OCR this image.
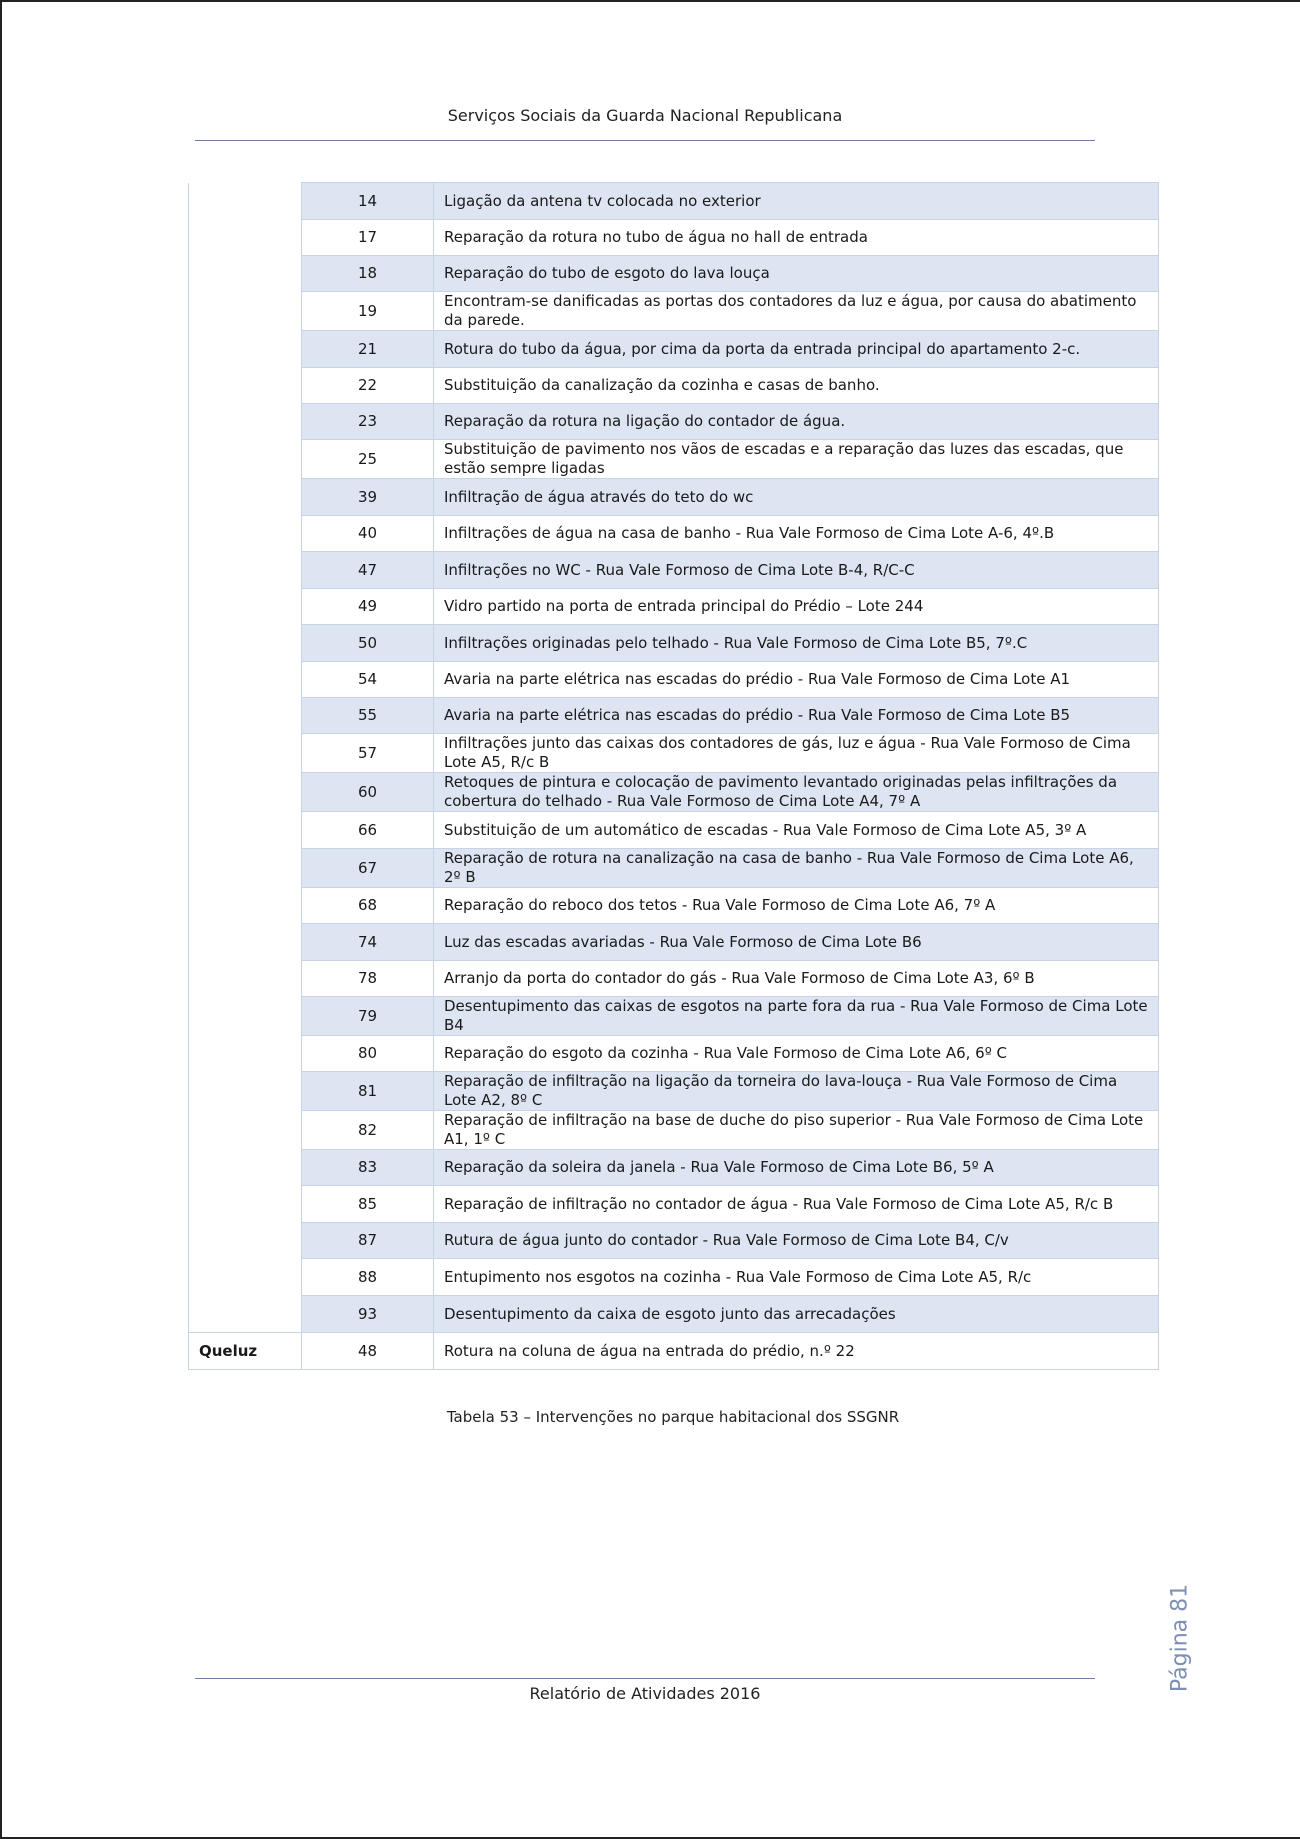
Serviços Sociais da Guarda Nacional Republicana
	14	Ligação da antena tv colocada no exterior
	17	Reparação da rotura no tubo de água no hall de entrada
	18	Reparação do tubo de esgoto do lava louça
	19	Encontram-se danificadas as portas dos contadores da luz e água, por causa do abatimento da parede.
	21	Rotura do tubo da água, por cima da porta da entrada principal do apartamento 2-c.
	22	Substituição da canalização da cozinha e casas de banho.
	23	Reparação da rotura na ligação do contador de água.
	25	Substituição de pavimento nos vãos de escadas e a reparação das luzes das escadas, que estão sempre ligadas
	39	Infiltração de água através do teto do wc
	40	Infiltrações de água na casa de banho - Rua Vale Formoso de Cima Lote A-6, 4º.B
	47	Infiltrações no WC - Rua Vale Formoso de Cima Lote B-4, R/C-C
	49	Vidro partido na porta de entrada principal do Prédio – Lote 244
	50	Infiltrações originadas pelo telhado - Rua Vale Formoso de Cima Lote B5, 7º.C
	54	Avaria na parte elétrica nas escadas do prédio - Rua Vale Formoso de Cima Lote A1
	55	Avaria na parte elétrica nas escadas do prédio - Rua Vale Formoso de Cima Lote B5
	57	Infiltrações junto das caixas dos contadores de gás, luz e água - Rua Vale Formoso de Cima Lote A5, R/c B
	60	Retoques de pintura e colocação de pavimento levantado originadas pelas infiltrações da cobertura do telhado - Rua Vale Formoso de Cima Lote A4, 7º A
	66	Substituição de um automático de escadas - Rua Vale Formoso de Cima Lote A5, 3º A
	67	Reparação de rotura na canalização na casa de banho - Rua Vale Formoso de Cima Lote A6, 2º B
	68	Reparação do reboco dos tetos - Rua Vale Formoso de Cima Lote A6, 7º A
	74	Luz das escadas avariadas - Rua Vale Formoso de Cima Lote B6
	78	Arranjo da porta do contador do gás - Rua Vale Formoso de Cima Lote A3, 6º B
	79	Desentupimento das caixas de esgotos na parte fora da rua - Rua Vale Formoso de Cima Lote B4
	80	Reparação do esgoto da cozinha - Rua Vale Formoso de Cima Lote A6, 6º C
	81	Reparação de infiltração na ligação da torneira do lava-louça - Rua Vale Formoso de Cima Lote A2, 8º C
	82	Reparação de infiltração na base de duche do piso superior - Rua Vale Formoso de Cima Lote A1, 1º C
	83	Reparação da soleira da janela - Rua Vale Formoso de Cima Lote B6, 5º A
	85	Reparação de infiltração no contador de água - Rua Vale Formoso de Cima Lote A5, R/c B
	87	Rutura de água junto do contador - Rua Vale Formoso de Cima Lote B4, C/v
	88	Entupimento nos esgotos na cozinha - Rua Vale Formoso de Cima Lote A5, R/c
	93	Desentupimento da caixa de esgoto junto das arrecadações
Queluz	48	Rotura na coluna de água na entrada do prédio, n.º 22
Tabela 53 – Intervenções no parque habitacional dos SSGNR
Relatório de Atividades 2016
Página 81
